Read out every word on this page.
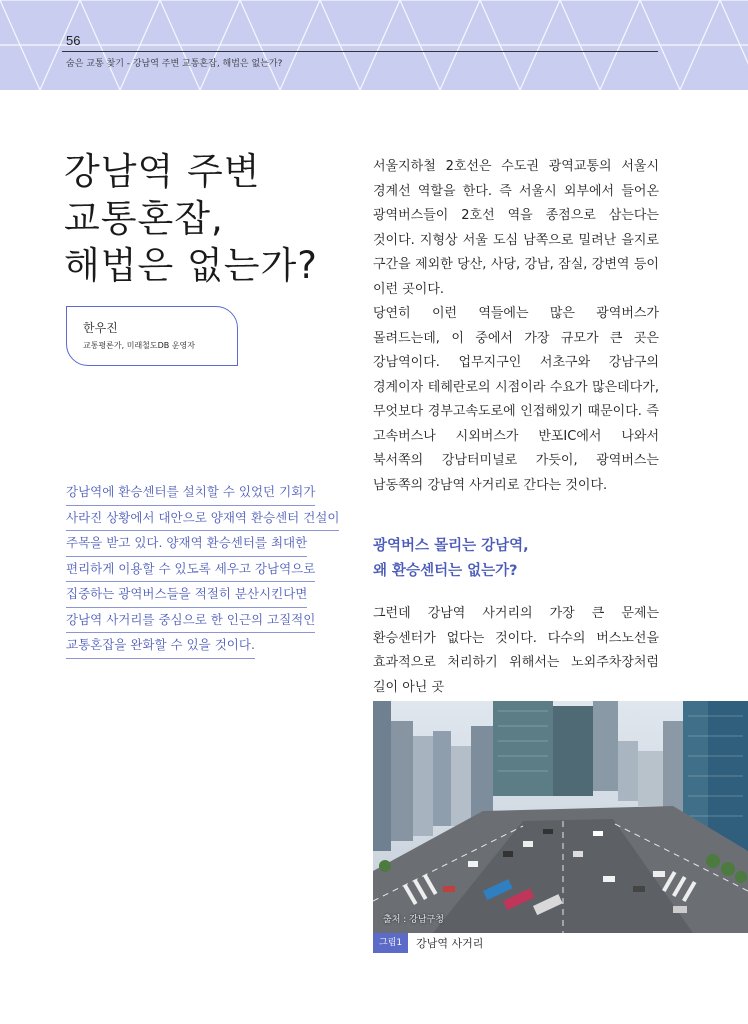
56
숨은 교통 찾기 - 강남역 주변 교통혼잡, 해법은 없는가?
강남역 주변
교통혼잡,
해법은 없는가?
한우진
교통평론가, 미래철도DB 운영자
강남역에 환승센터를 설치할 수 있었던 기회가
사라진 상황에서 대안으로 양재역 환승센터 건설이
주목을 받고 있다. 양재역 환승센터를 최대한
편리하게 이용할 수 있도록 세우고 강남역으로
집중하는 광역버스들을 적절히 분산시킨다면
강남역 사거리를 중심으로 한 인근의 고질적인
교통혼잡을 완화할 수 있을 것이다.

서울지하철 2호선은 수도권 광역교통의 서울시 경계선 역할을 한다. 즉 서울시 외부에서 들어온 광역버스들이 2호선 역을 종점으로 삼는다는 것이다. 지형상 서울 도심 남쪽으로 밀려난 을지로 구간을 제외한 당산, 사당, 강남, 잠실, 강변역 등이 이런 곳이다.

당연히 이런 역들에는 많은 광역버스가 몰려드는데, 이 중에서 가장 규모가 큰 곳은 강남역이다. 업무지구인 서초구와 강남구의 경계이자 테헤란로의 시점이라 수요가 많은데다가, 무엇보다 경부고속도로에 인접해있기 때문이다. 즉 고속버스나 시외버스가 반포IC에서 나와서 북서쪽의 강남터미널로 가듯이, 광역버스는 남동쪽의 강남역 사거리로 간다는 것이다.

광역버스 몰리는 강남역,
왜 환승센터는 없는가?

그런데 강남역 사거리의 가장 큰 문제는 환승센터가 없다는 것이다. 다수의 버스노선을 효과적으로 처리하기 위해서는 노외주차장처럼 길이 아닌 곳

출처 : 강남구청
그림1	강남역 사거리
